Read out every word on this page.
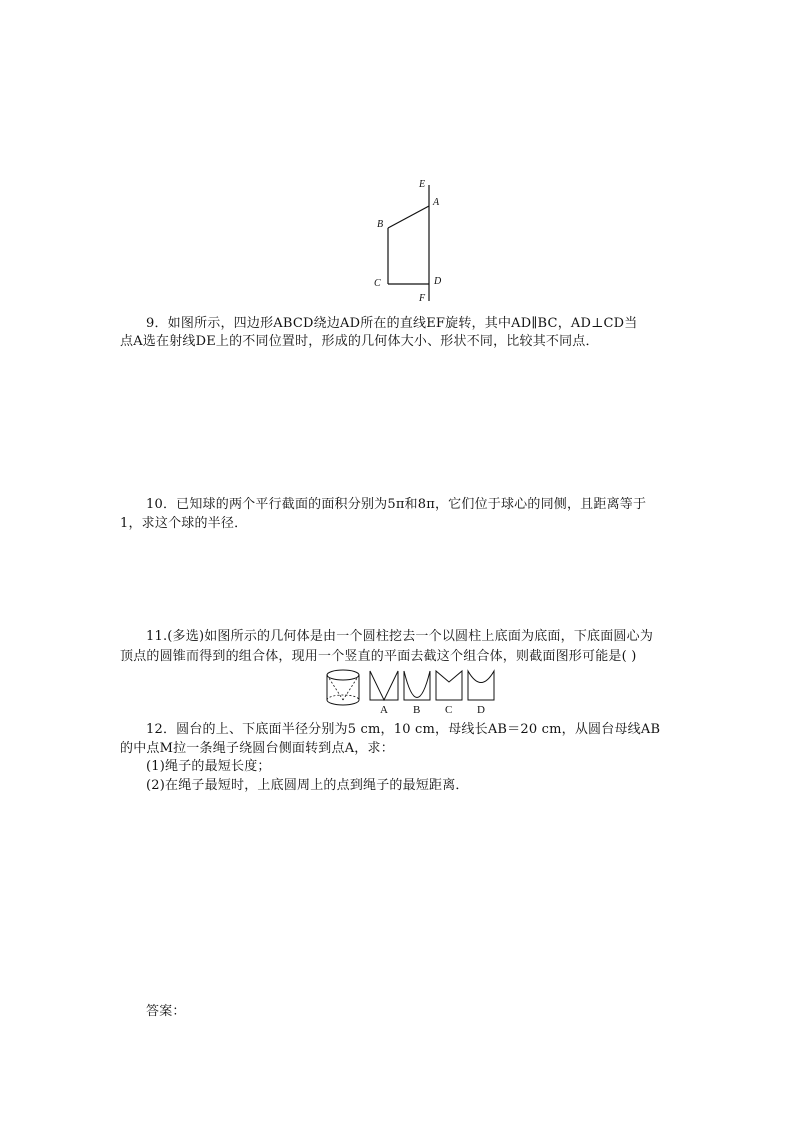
E
A
B
C	D
F
9．如图所示，四边形ABCD绕边AD所在的直线EF旋转，其中AD∥BC，AD⊥CD当
点A选在射线DE上的不同位置时，形成的几何体大小、形状不同，比较其不同点．
10．已知球的两个平行截面的面积分别为5π和8π，它们位于球心的同侧，且距离等于
1，求这个球的半径．
11.(多选)如图所示的几何体是由一个圆柱挖去一个以圆柱上底面为底面，下底面圆心为
顶点的圆锥而得到的组合体，现用一个竖直的平面去截这个组合体，则截面图形可能是( )
A B C D
12．圆台的上、下底面半径分别为5 cm，10 cm，母线长AB＝20 cm，从圆台母线AB
的中点M拉一条绳子绕圆台侧面转到点A，求：
(1)绳子的最短长度；
(2)在绳子最短时，上底圆周上的点到绳子的最短距离．
答案：
